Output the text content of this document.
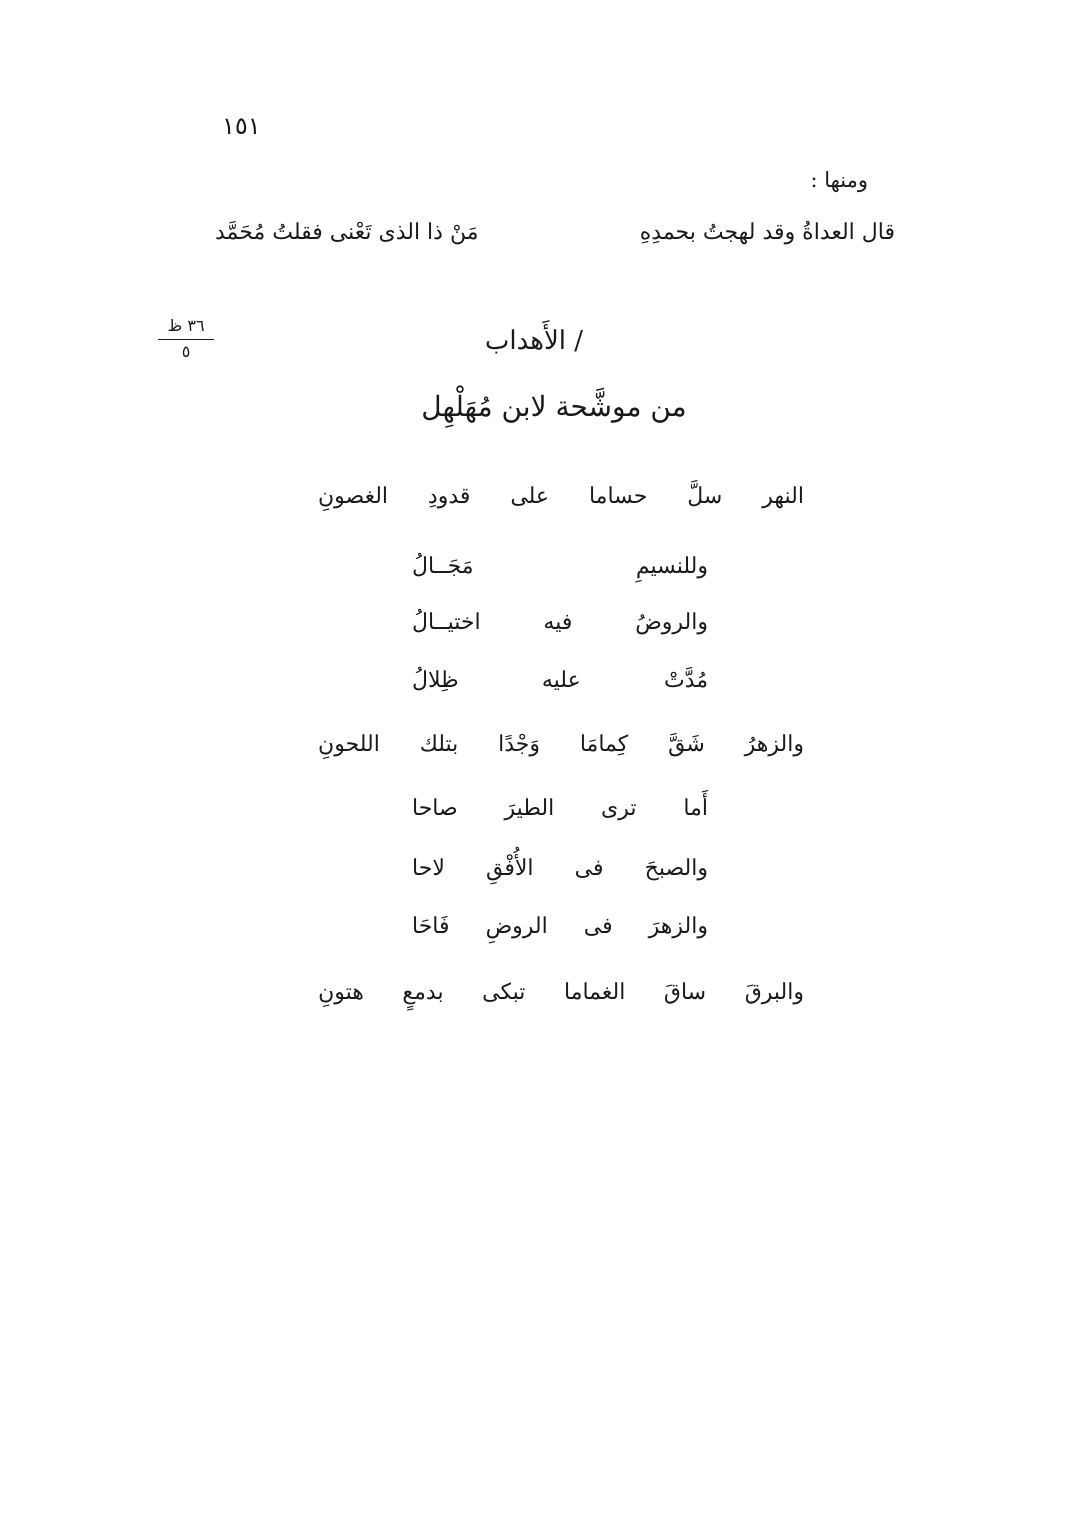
١٥١
ومنها :
قال العداةُ وقد لهجتُ بحمدِهِ
مَنْ ذا الذى تَعْنى فقلتُ مُحَمَّد
٣٦ ظ
٥	/ الأَهداب
من موشَّحة لابن مُهَلْهِل
النهر
سلَّ
حساما
على
قدودِ
الغصونِ
وللنسيمِ
مَجَــالُ
والروضُ
فيه
اختيــالُ
مُدَّتْ
عليه
ظِلالُ
والزهرُ
شَقَّ
كِمامَا
وَجْدًا
بتلك
اللحونِ
أَما
ترى
الطيرَ
صاحا
والصبحَ
فى
الأُفْقِ
لاحا
والزهرَ
فى
الروضِ
فَاحَا
والبرقَ
ساقَ
الغماما
تبكى
بدمعٍ
هتونِ
